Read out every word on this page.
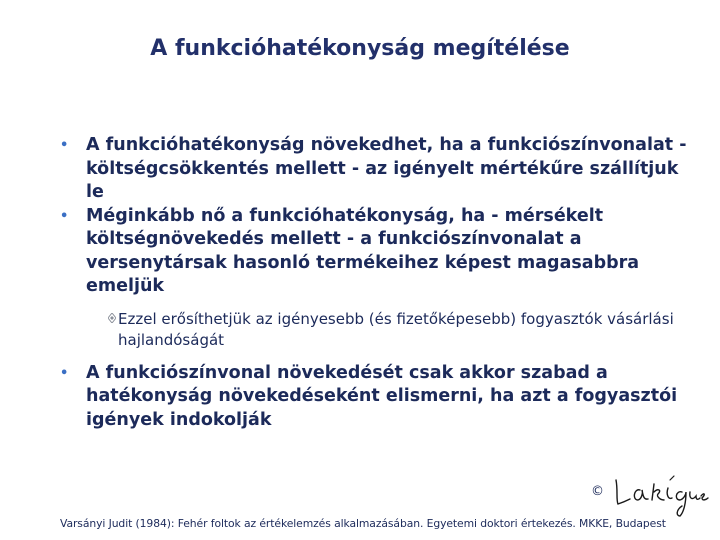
A funkcióhatékonyság megítélése
• A funkcióhatékonyság növekedhet, ha a funkciószínvonalat - költségcsökkentés mellett - az igényelt mértékűre szállítjuk le
• Méginkább nő a funkcióhatékonyság, ha - mérsékelt költségnövekedés mellett - a funkciószínvonalat a versenytársak hasonló termékeihez képest magasabbra emeljük
Ezzel erősíthetjük az igényesebb (és fizetőképesebb) fogyasztók vásárlási hajlandóságát
• A funkciószínvonal növekedését csak akkor szabad a hatékonyság növekedéseként elismerni, ha azt a fogyasztói igények indokolják
©
Varsányi Judit (1984): Fehér foltok az értékelemzés alkalmazásában. Egyetemi doktori értekezés. MKKE, Budapest
